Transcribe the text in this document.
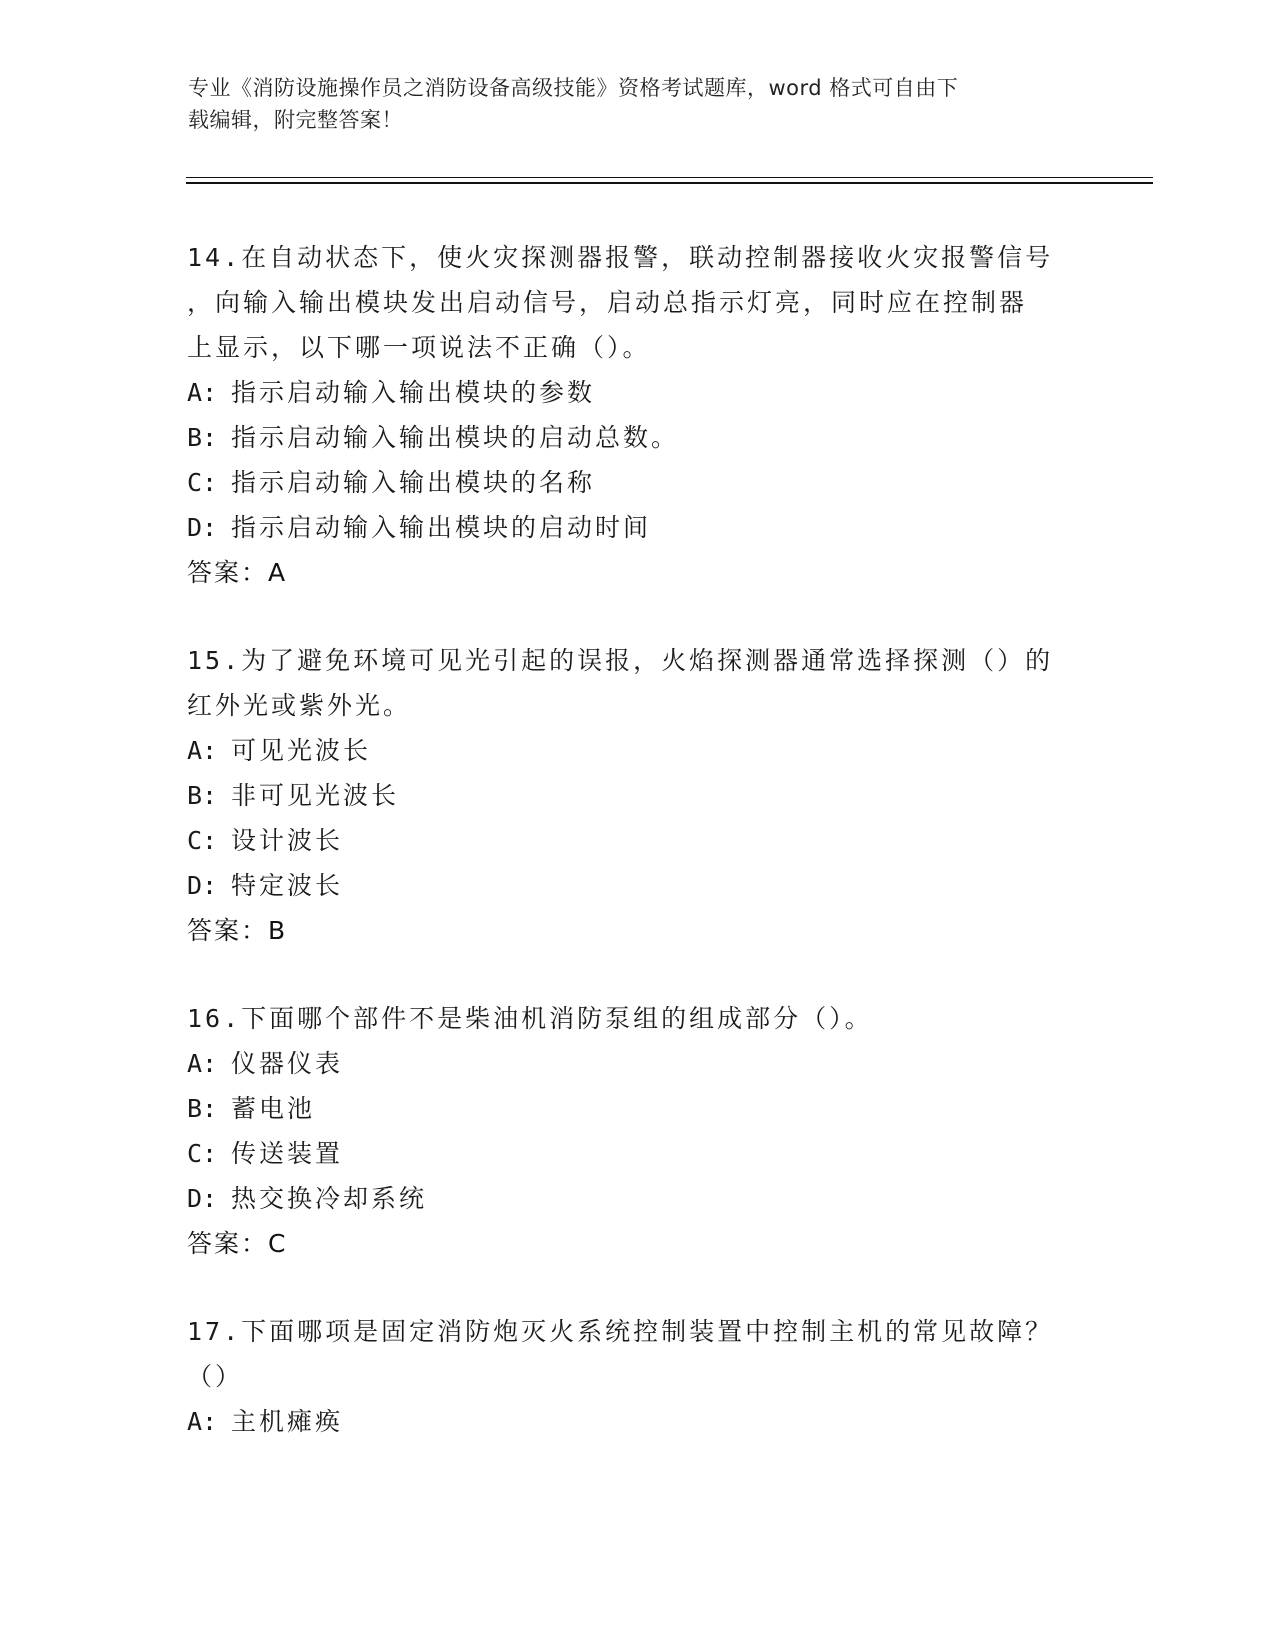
专业《消防设施操作员之消防设备高级技能》资格考试题库，word 格式可自由下
载编辑，附完整答案！
14.在自动状态下，使火灾探测器报警，联动控制器接收火灾报警信号
，向输入输出模块发出启动信号，启动总指示灯亮，同时应在控制器
上显示，以下哪一项说法不正确（）。
A: 指示启动输入输出模块的参数
B: 指示启动输入输出模块的启动总数。
C: 指示启动输入输出模块的名称
D: 指示启动输入输出模块的启动时间
答案：A
15.为了避免环境可见光引起的误报，火焰探测器通常选择探测（）的
红外光或紫外光。
A: 可见光波长
B: 非可见光波长
C: 设计波长
D: 特定波长
答案：B
16.下面哪个部件不是柴油机消防泵组的组成部分（）。
A: 仪器仪表
B: 蓄电池
C: 传送装置
D: 热交换冷却系统
答案：C
17.下面哪项是固定消防炮灭火系统控制装置中控制主机的常见故障？
（）
A: 主机瘫痪
